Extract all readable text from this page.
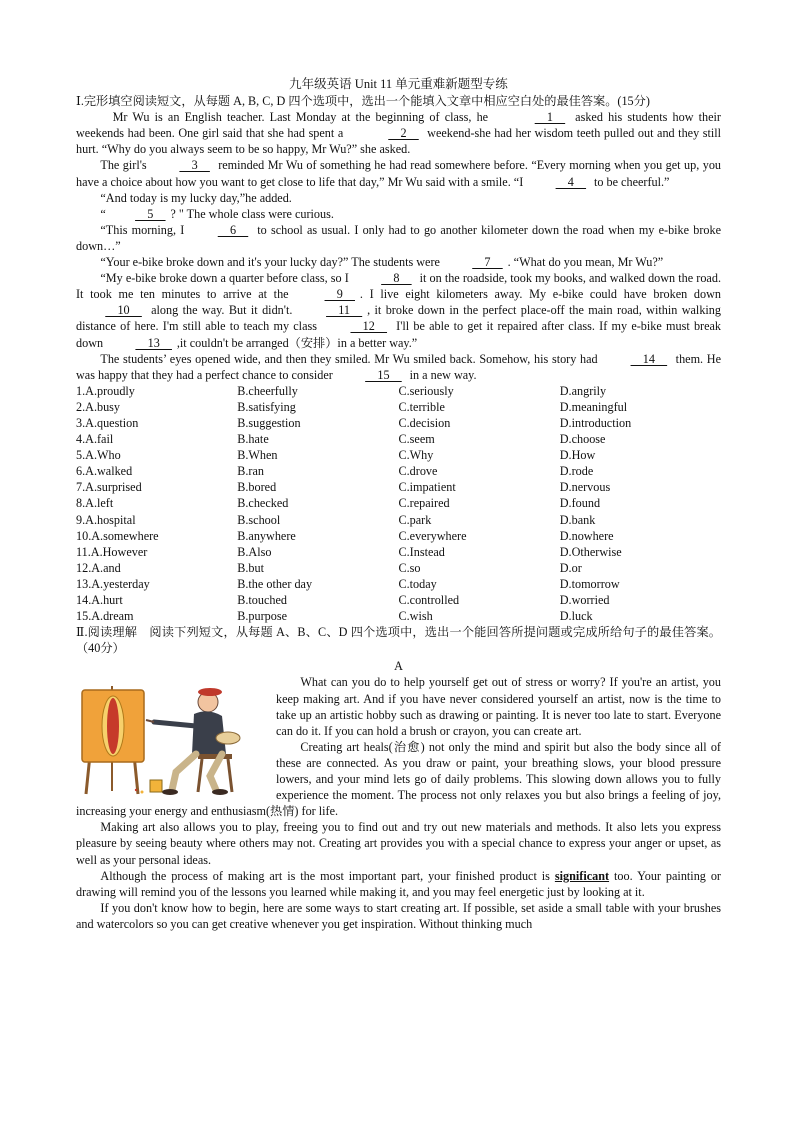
九年级英语 Unit 11 单元重难新题型专练
Ⅰ.完形填空阅读短文，从每题 A, B, C, D 四个选项中，选出一个能填入文章中相应空白处的最佳答案。(15分)

Mr Wu is an English teacher. Last Monday at the beginning of class, he	 1  asked his students how their weekends had been. One girl said that she had spent a	 2  weekend-she had her wisdom teeth pulled out and they still hurt. “Why do you always seem to be so happy, Mr Wu?” she asked.

The girl's  3  reminded Mr Wu of something he had read somewhere before. “Every morning when you get up, you have a choice about how you want to get close to life that day,” Mr Wu said with a smile. “I  4  to be cheerful.”

“And today is my lucky day,”he added.

“ 5 ? " The whole class were curious.

“This morning, I  6  to school as usual. I only had to go another kilometer down the road when my e-bike broke down…”

“Your e-bike broke down and it's your lucky day?” The students were  7 . “What do you mean, Mr Wu?”

“My e-bike broke down a quarter before class, so I  8  it on the roadside, took my books, and walked down the road. It took me ten minutes to arrive at the  9 . I live eight kilometers away. My e-bike could have broken down  10  along the way. But it didn't.  11 , it broke down in the perfect place-off the main road, within walking distance of here. I'm still able to teach my class  12  I'll be able to get it repaired after class. If my e-bike must break down  13 ,it couldn't be arranged（安排）in a better way.”

The students’ eyes opened wide, and then they smiled. Mr Wu smiled back. Somehow, his story had  14  them. He was happy that they had a perfect chance to consider  15  in a new way.

1.A.proudly	B.cheerfully	C.seriously	D.angrily
2.A.busy	B.satisfying	C.terrible	D.meaningful
3.A.question	B.suggestion	C.decision	D.introduction
4.A.fail	B.hate	C.seem	D.choose
5.A.Who	B.When	C.Why	D.How
6.A.walked	B.ran	C.drove	D.rode
7.A.surprised	B.bored	C.impatient	D.nervous
8.A.left	B.checked	C.repaired	D.found
9.A.hospital	B.school	C.park	D.bank
10.A.somewhere	B.anywhere	C.everywhere	D.nowhere
11.A.However	B.Also	C.Instead	D.Otherwise
12.A.and	B.but	C.so	D.or
13.A.yesterday	B.the other day	C.today	D.tomorrow
14.A.hurt	B.touched	C.controlled	D.worried
15.A.dream	B.purpose	C.wish	D.luck
Ⅱ.阅读理解　阅读下列短文，从每题 A、B、C、D 四个选项中，选出一个能回答所提问题或完成所给句子的最佳答案。（40分）
A

What can you do to help yourself get out of stress or worry? If you're an artist, you keep making art. And if you have never considered yourself an artist, now is the time to take up an artistic hobby such as drawing or painting. It is never too late to start. Everyone can do it. If you can hold a brush or crayon, you can create art.

Creating art heals(治愈) not only the mind and spirit but also the body since all of these are connected. As you draw or paint, your breathing slows, your blood pressure lowers, and your mind lets go of daily problems. This slowing down allows you to fully experience the moment. The process not only relaxes you but also brings a feeling of joy, increasing your energy and enthusiasm(热情) for life.

Making art also allows you to play, freeing you to find out and try out new materials and methods. It also lets you express pleasure by seeing beauty where others may not. Creating art provides you with a special chance to express your anger or upset, as well as your personal ideas.

Although the process of making art is the most important part, your finished product is significant too. Your painting or drawing will remind you of the lessons you learned while making it, and you may feel energetic just by looking at it.

If you don't know how to begin, here are some ways to start creating art. If possible, set aside a small table with your brushes and watercolors so you can get creative whenever you get inspiration. Without thinking much
